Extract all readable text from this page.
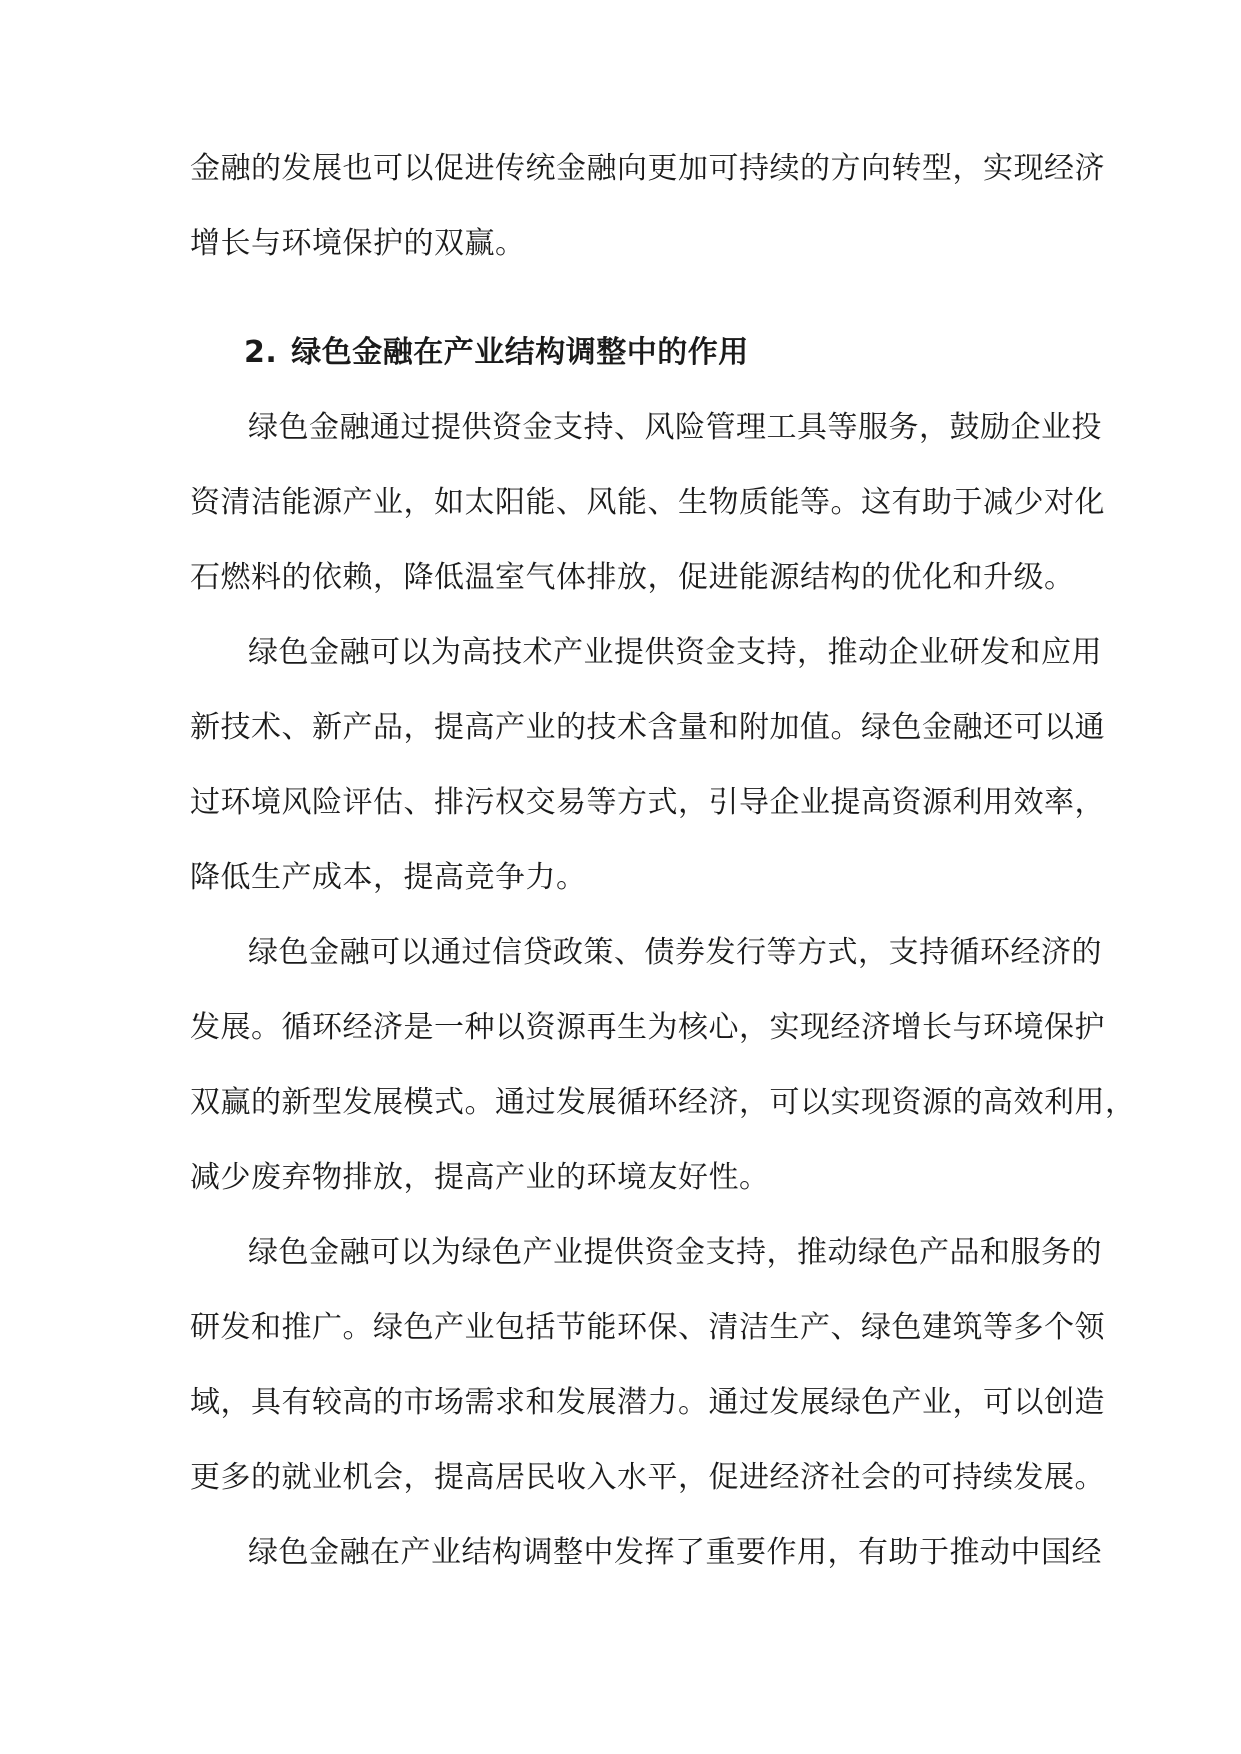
金融的发展也可以促进传统金融向更加可持续的方向转型，实现经济
增长与环境保护的双赢。
2. 绿色金融在产业结构调整中的作用
绿色金融通过提供资金支持、风险管理工具等服务，鼓励企业投
资清洁能源产业，如太阳能、风能、生物质能等。这有助于减少对化
石燃料的依赖，降低温室气体排放，促进能源结构的优化和升级。
绿色金融可以为高技术产业提供资金支持，推动企业研发和应用
新技术、新产品，提高产业的技术含量和附加值。绿色金融还可以通
过环境风险评估、排污权交易等方式，引导企业提高资源利用效率，
降低生产成本，提高竞争力。
绿色金融可以通过信贷政策、债券发行等方式，支持循环经济的
发展。循环经济是一种以资源再生为核心，实现经济增长与环境保护
双赢的新型发展模式。通过发展循环经济，可以实现资源的高效利用，
减少废弃物排放，提高产业的环境友好性。
绿色金融可以为绿色产业提供资金支持，推动绿色产品和服务的
研发和推广。绿色产业包括节能环保、清洁生产、绿色建筑等多个领
域，具有较高的市场需求和发展潜力。通过发展绿色产业，可以创造
更多的就业机会，提高居民收入水平，促进经济社会的可持续发展。
绿色金融在产业结构调整中发挥了重要作用，有助于推动中国经
